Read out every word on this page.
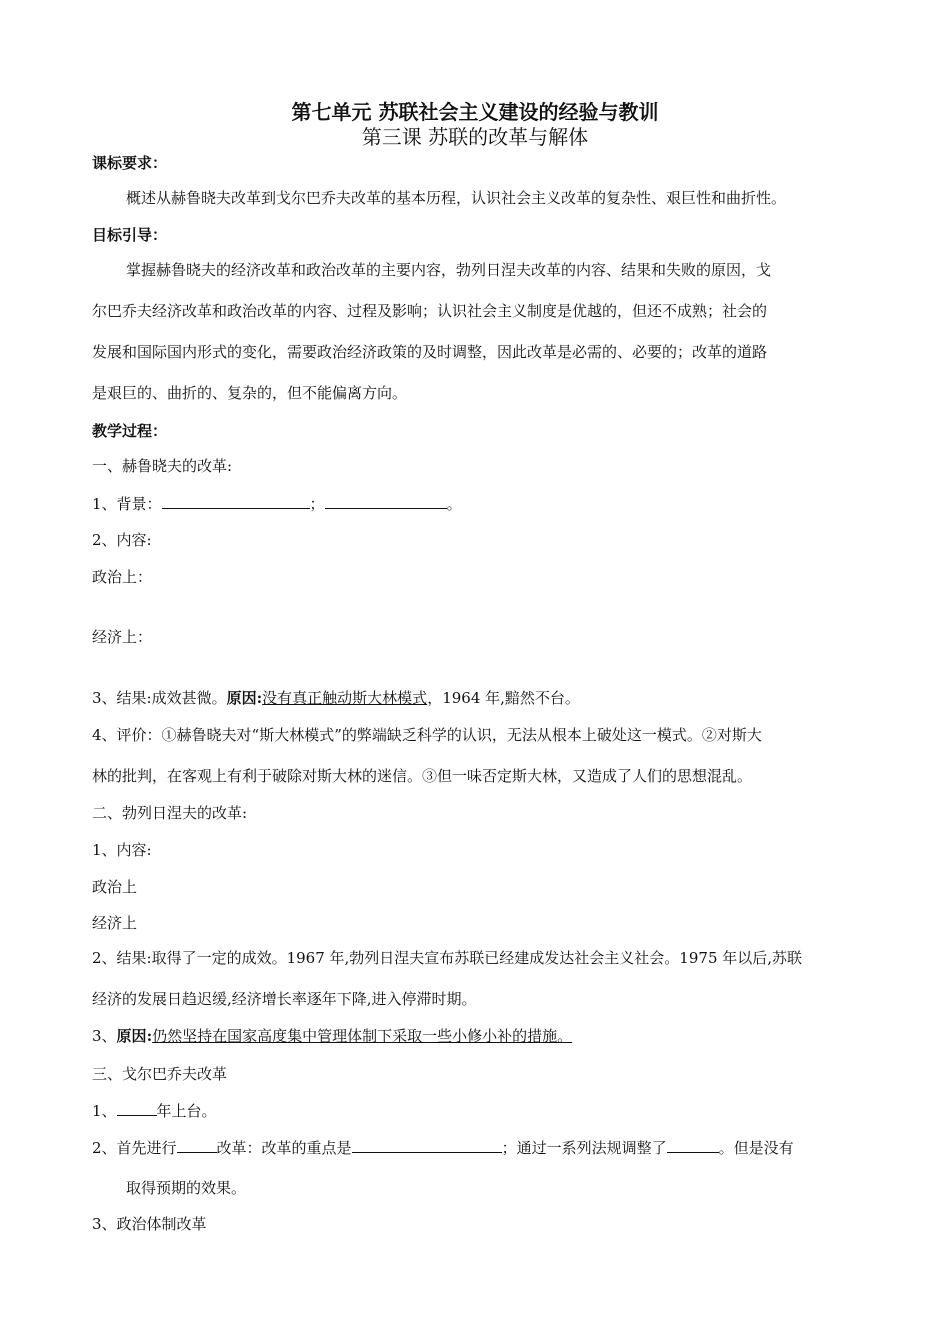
第七单元 苏联社会主义建设的经验与教训
第三课 苏联的改革与解体
课标要求：
概述从赫鲁晓夫改革到戈尔巴乔夫改革的基本历程，认识社会主义改革的复杂性、艰巨性和曲折性。
目标引导：
掌握赫鲁晓夫的经济改革和政治改革的主要内容，勃列日涅夫改革的内容、结果和失败的原因，戈
尔巴乔夫经济改革和政治改革的内容、过程及影响；认识社会主义制度是优越的，但还不成熟；社会的
发展和国际国内形式的变化，需要政治经济政策的及时调整，因此改革是必需的、必要的；改革的道路
是艰巨的、曲折的、复杂的，但不能偏离方向。
教学过程：
一、赫鲁晓夫的改革:
1、背景：	；	。
2、内容:
政治上：
经济上：
3、结果:成效甚微。原因:没有真正触动斯大林模式，1964 年,黯然不台。
4、评价：①赫鲁晓夫对“斯大林模式”的弊端缺乏科学的认识，无法从根本上破处这一模式。②对斯大
林的批判，在客观上有利于破除对斯大林的迷信。③但一味否定斯大林，又造成了人们的思想混乱。
二、勃列日涅夫的改革:
1、内容:
政治上
经济上
2、结果:取得了一定的成效。1967 年,勃列日涅夫宣布苏联已经建成发达社会主义社会。1975 年以后,苏联
经济的发展日趋迟缓,经济增长率逐年下降,进入停滞时期。
3、原因:仍然坚持在国家高度集中管理体制下采取一些小修小补的措施。
三、戈尔巴乔夫改革
1、	年上台。
2、首先进行	改革：改革的重点是	；通过一系列法规调整了	。但是没有
取得预期的效果。
3、政治体制改革
